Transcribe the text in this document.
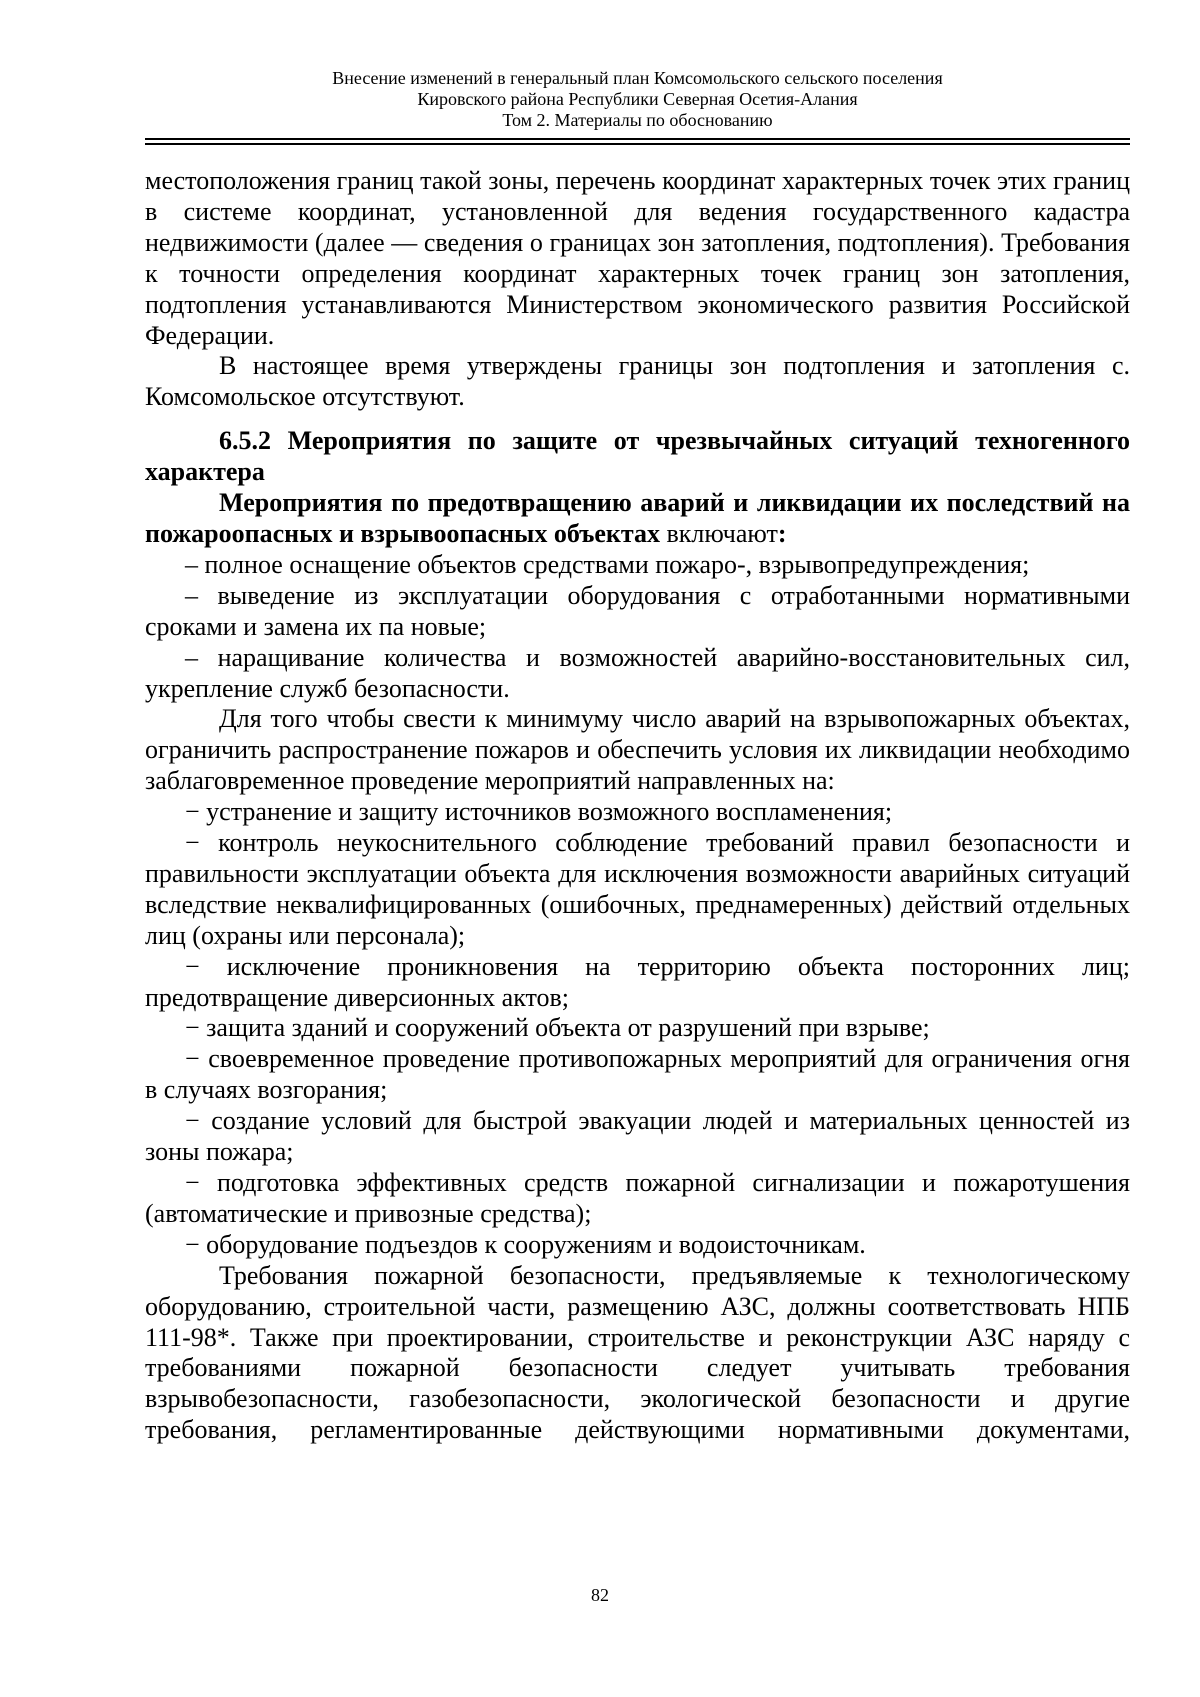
Внесение изменений в генеральный план Комсомольского сельского поселения
Кировского района Республики Северная Осетия-Алания
Том 2. Материалы по обоснованию

местоположения границ такой зоны, перечень координат характерных точек этих границ в системе координат, установленной для ведения государственного кадастра недвижимости (далее — сведения о границах зон затопления, подтопления). Требования к точности определения координат характерных точек границ зон затопления, подтопления устанавливаются Министерством экономического развития Российской Федерации.

В настоящее время утверждены границы зон подтопления и затопления с. Комсомольское отсутствуют.

6.5.2 Мероприятия по защите от чрезвычайных ситуаций техногенного характера

Мероприятия по предотвращению аварий и ликвидации их последствий на пожароопасных и взрывоопасных объектах включают:

– полное оснащение объектов средствами пожаро-, взрывопредупреждения;

– выведение из эксплуатации оборудования с отработанными нормативными сроками и замена их па новые;

– наращивание количества и возможностей аварийно-восстановительных сил, укрепление служб безопасности.

Для того чтобы свести к минимуму число аварий на взрывопожарных объектах, ограничить распространение пожаров и обеспечить условия их ликвидации необходимо заблаговременное проведение мероприятий направленных на:

− устранение и защиту источников возможного воспламенения;

− контроль неукоснительного соблюдение требований правил безопасности и правильности эксплуатации объекта для исключения возможности аварийных ситуаций вследствие неквалифицированных (ошибочных, преднамеренных) действий отдельных лиц (охраны или персонала);

− исключение проникновения на территорию объекта посторонних лиц; предотвращение диверсионных актов;

− защита зданий и сооружений объекта от разрушений при взрыве;

− своевременное проведение противопожарных мероприятий для ограничения огня в случаях возгорания;

− создание условий для быстрой эвакуации людей и материальных ценностей из зоны пожара;

− подготовка эффективных средств пожарной сигнализации и пожаротушения (автоматические и привозные средства);

− оборудование подъездов к сооружениям и водоисточникам.

Требования пожарной безопасности, предъявляемые к технологическому оборудованию, строительной части, размещению АЗС, должны соответствовать НПБ 111-98*. Также при проектировании, строительстве и реконструкции АЗС наряду с требованиями пожарной безопасности следует учитывать требования взрывобезопасности, газобезопасности, экологической безопасности и другие требования, регламентированные действующими нормативными документами,

82
